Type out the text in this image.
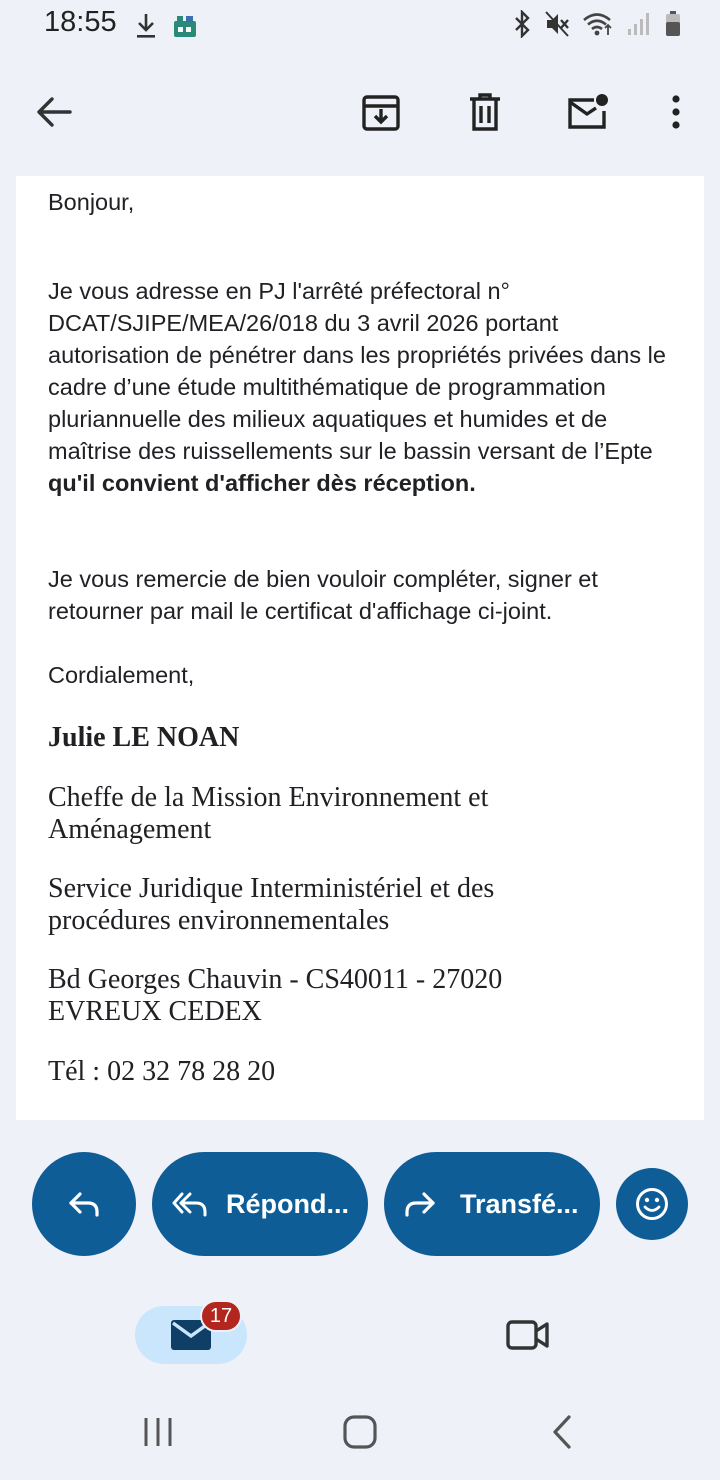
18:55

Bonjour,

Je vous adresse en PJ l'arrêté préfectoral n° DCAT/SJIPE/MEA/26/018 du 3 avril 2026 portant autorisation de pénétrer dans les propriétés privées dans le cadre d’une étude multithématique de programmation pluriannuelle des milieux aquatiques et humides et de maîtrise des ruissellements sur le bassin versant de l’Epte qu'il convient d'afficher dès réception.

Je vous remercie de bien vouloir compléter, signer et retourner par mail le certificat d'affichage ci-joint.

Cordialement,

Julie LE NOAN
Cheffe de la Mission Environnement et Aménagement
Service Juridique Interministériel et des procédures environnementales
Bd Georges Chauvin - CS40011 - 27020 EVREUX CEDEX
Tél : 02 32 78 28 20
Répond...	Transfé...
17
